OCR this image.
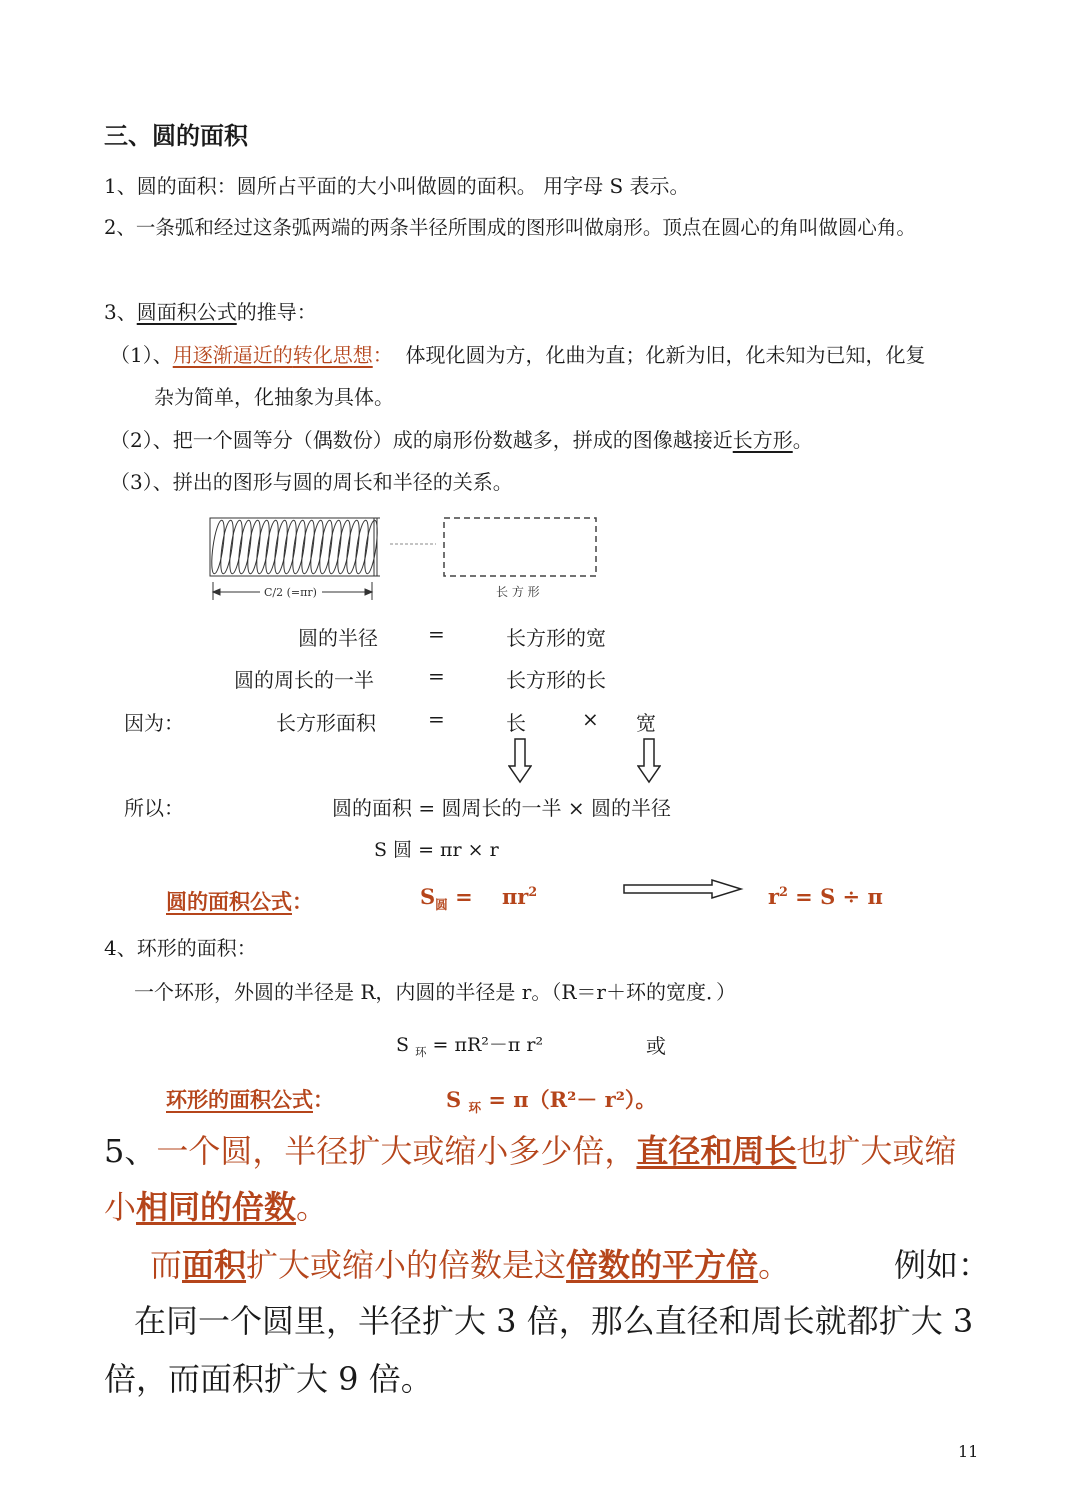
三、圆的面积
1、圆的面积：圆所占平面的大小叫做圆的面积。 用字母 S 表示。
2、一条弧和经过这条弧两端的两条半径所围成的图形叫做扇形。顶点在圆心的角叫做圆心角。
3、圆面积公式的推导：
（1）、用逐渐逼近的转化思想： 体现化圆为方，化曲为直；化新为旧，化未知为已知，化复
杂为简单，化抽象为具体。
（2）、把一个圆等分（偶数份）成的扇形份数越多，拼成的图像越接近长方形。
（3）、拼出的图形与圆的周长和半径的关系。
C/2 (=πr)	长 方 形
圆的半径	=	长方形的宽
圆的周长的一半	=	长方形的长
因为：	长方形面积	=	长	× 宽
所以：	圆的面积 = 圆周长的一半 × 圆的半径
S 圆 = πr × r
圆的面积公式：	$S_圆 = \pi r^2$	$r^2 = S \div \pi$
4、环形的面积：
一个环形，外圆的半径是 R，内圆的半径是 r。（R＝r＋环的宽度．）
S $_环$ = πR²－π r²	或
环形的面积公式：	S $_环$ = π（R²－ r²）。
5、一个圆，半径扩大或缩小多少倍，直径和周长也扩大或缩
小相同的倍数。
而面积扩大或缩小的倍数是这倍数的平方倍。	例如：
在同一个圆里，半径扩大 3 倍，那么直径和周长就都扩大 3
倍，而面积扩大 9 倍。
11
